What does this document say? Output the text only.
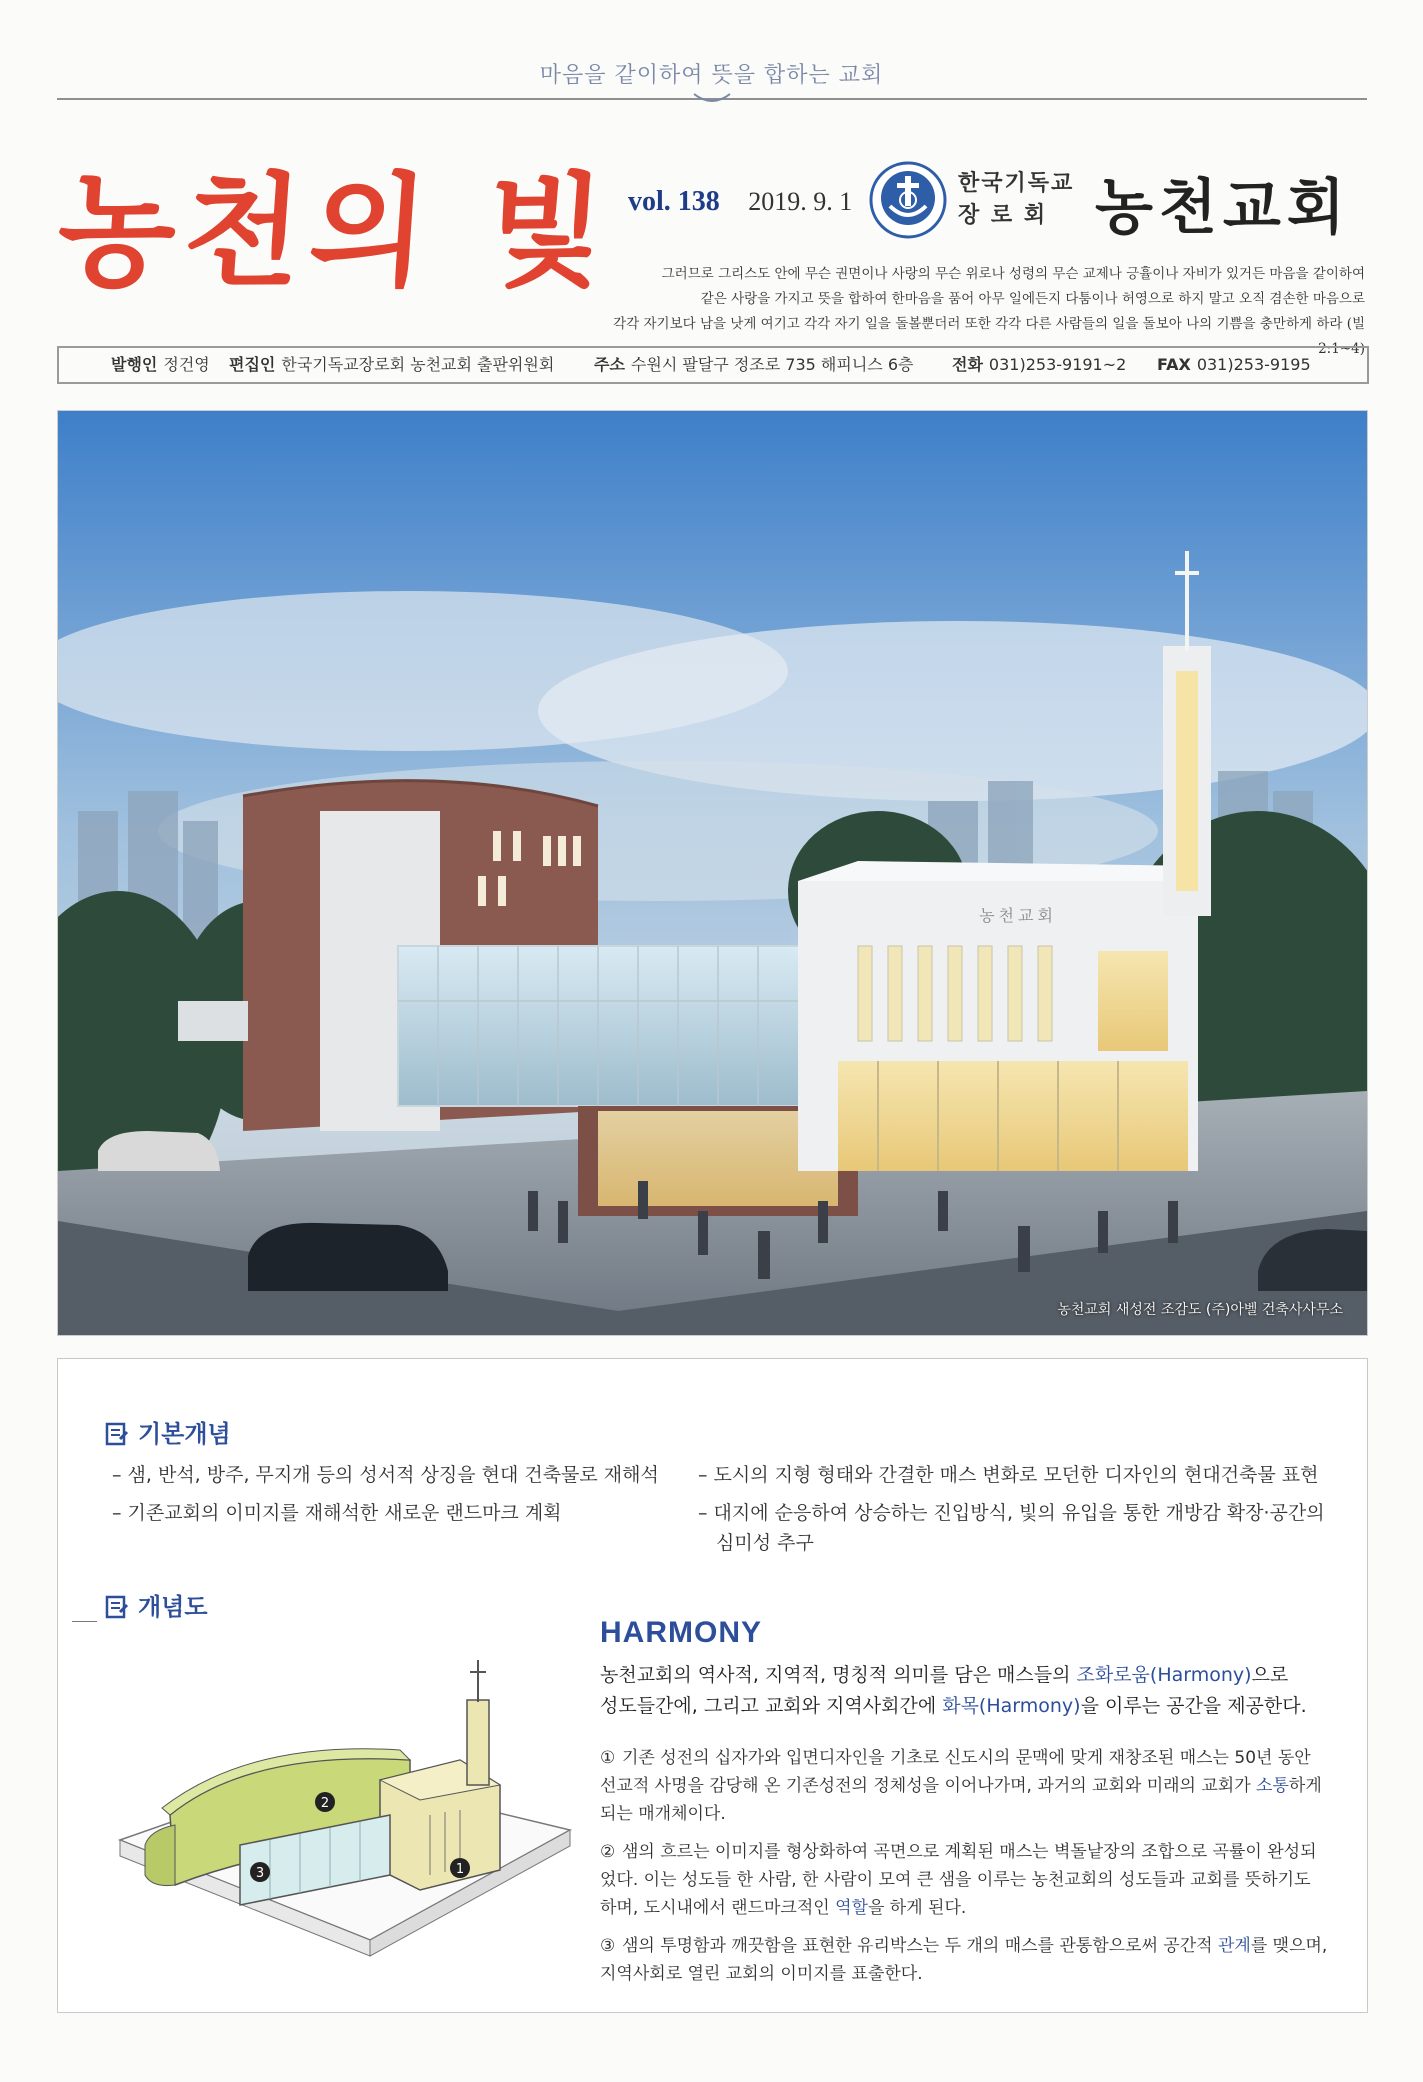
마음을 같이하여 뜻을 합하는 교회
농천의 빛 vol. 138 2019. 9. 1
한국기독교
장 로 회 농천교회
그러므로 그리스도 안에 무슨 권면이나 사랑의 무슨 위로나 성령의 무슨 교제나 긍휼이나 자비가 있거든 마음을 같이하여
같은 사랑을 가지고 뜻을 합하여 한마음을 품어 아무 일에든지 다툼이나 허영으로 하지 말고 오직 겸손한 마음으로
각각 자기보다 남을 낫게 여기고 각각 자기 일을 돌볼뿐더러 또한 각각 다른 사람들의 일을 돌보아 나의 기쁨을 충만하게 하라 (빌2:1~4)
발행인 정건영 편집인 한국기독교장로회 농천교회 출판위원회 주소 수원시 팔달구 정조로 735 해피니스 6층 전화 031)253-9191~2 FAX 031)253-9195
농천교회
농천교회 새성전 조감도 (주)아벨 건축사사무소
기본개념
– 샘, 반석, 방주, 무지개 등의 성서적 상징을 현대 건축물로 재해석
– 기존교회의 이미지를 재해석한 새로운 랜드마크 계획
– 도시의 지형 형태와 간결한 매스 변화로 모던한 디자인의 현대건축물 표현
– 대지에 순응하여 상승하는 진입방식, 빛의 유입을 통한 개방감 확장·공간의
심미성 추구
개념도
1
2
3
HARMONY
농천교회의 역사적, 지역적, 명칭적 의미를 담은 매스들의 조화로움(Harmony)으로
성도들간에, 그리고 교회와 지역사회간에 화목(Harmony)을 이루는 공간을 제공한다.
① 기존 성전의 십자가와 입면디자인을 기초로 신도시의 문맥에 맞게 재창조된 매스는 50년 동안 선교적 사명을 감당해 온 기존성전의 정체성을 이어나가며, 과거의 교회와 미래의 교회가 소통하게 되는 매개체이다.
② 샘의 흐르는 이미지를 형상화하여 곡면으로 계획된 매스는 벽돌낱장의 조합으로 곡률이 완성되었다. 이는 성도들 한 사람, 한 사람이 모여 큰 샘을 이루는 농천교회의 성도들과 교회를 뜻하기도 하며, 도시내에서 랜드마크적인 역할을 하게 된다.
③ 샘의 투명함과 깨끗함을 표현한 유리박스는 두 개의 매스를 관통함으로써 공간적 관계를 맺으며, 지역사회로 열린 교회의 이미지를 표출한다.
